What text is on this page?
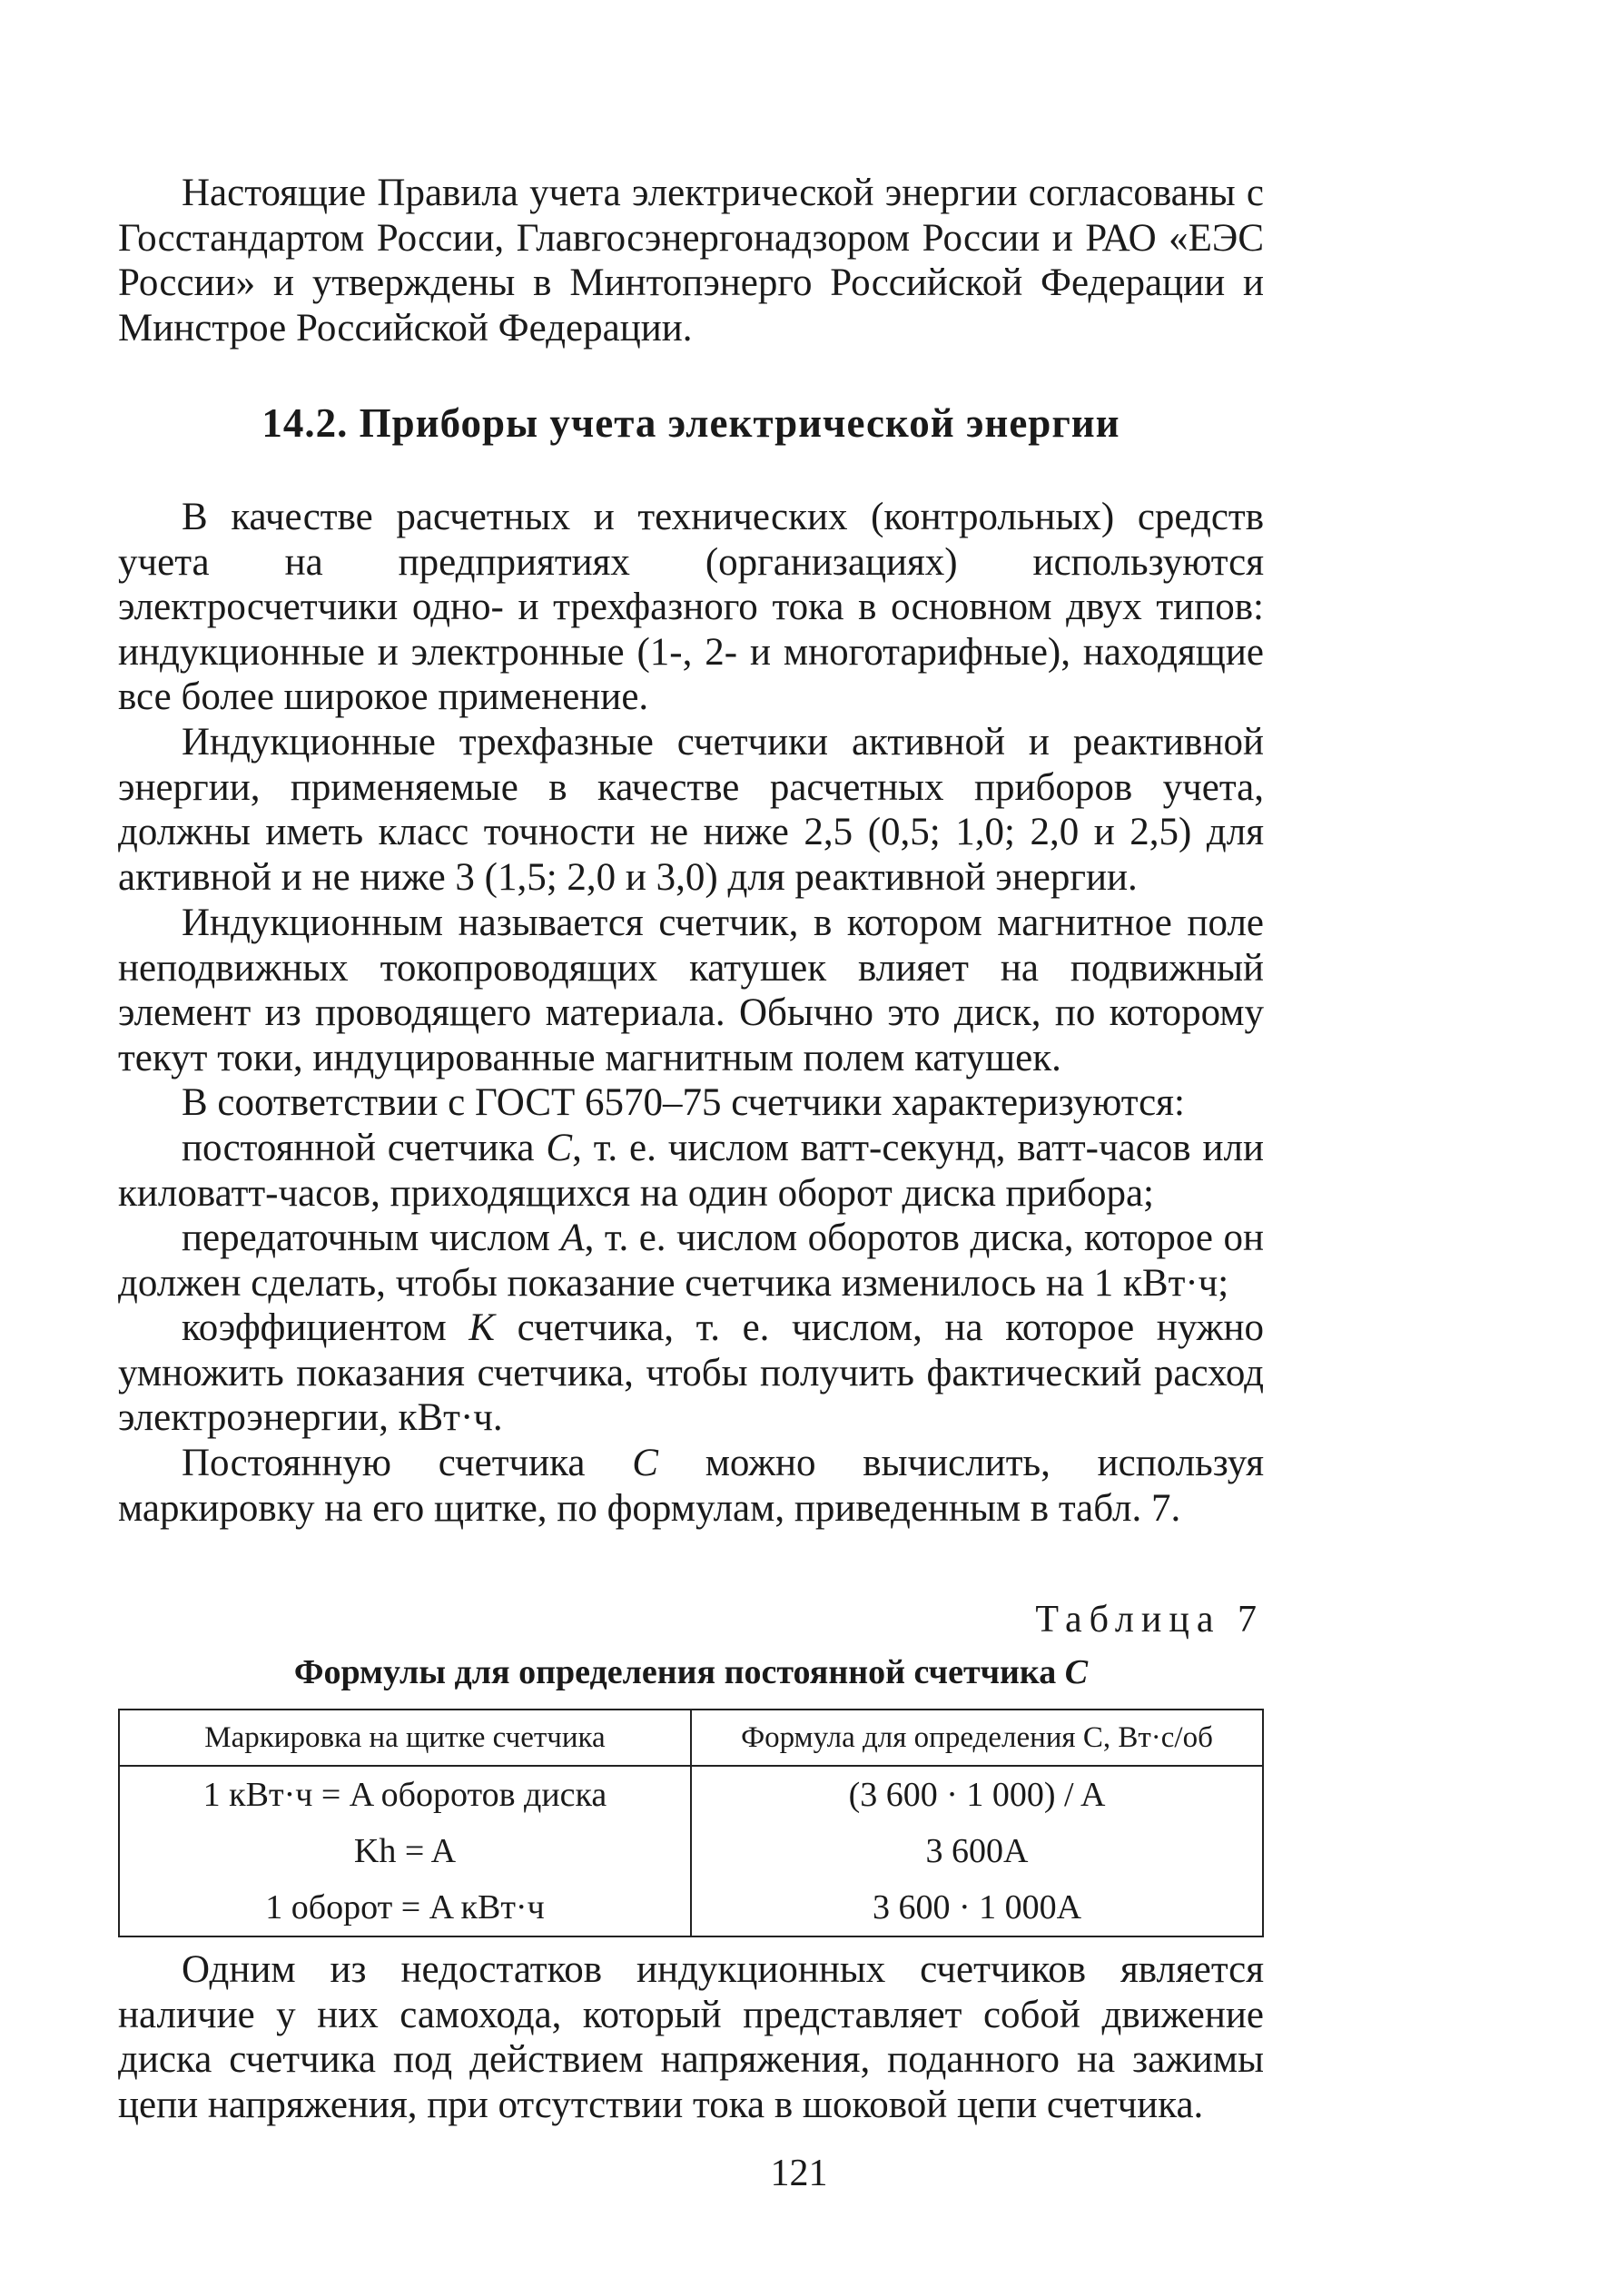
Настоящие Правила учета электрической энергии согласованы с Госстандартом России, Главгосэнергонадзором России и РАО «ЕЭС России» и утверждены в Минтопэнерго Российской Федерации и Минстрое Российской Федерации.

14.2. Приборы учета электрической энергии

В качестве расчетных и технических (контрольных) средств учета на предприятиях (организациях) используются электросчетчики одно- и трехфазного тока в основном двух типов: индукционные и электронные (1-, 2- и многотарифные), находящие все более широкое применение.

Индукционные трехфазные счетчики активной и реактивной энергии, применяемые в качестве расчетных приборов учета, должны иметь класс точности не ниже 2,5 (0,5; 1,0; 2,0 и 2,5) для активной и не ниже 3 (1,5; 2,0 и 3,0) для реактивной энергии.

Индукционным называется счетчик, в котором магнитное поле неподвижных токопроводящих катушек влияет на подвижный элемент из проводящего материала. Обычно это диск, по которому текут токи, индуцированные магнитным полем катушек.

В соответствии с ГОСТ 6570–75 счетчики характеризуются:

постоянной счетчика C, т. е. числом ватт-секунд, ватт-часов или киловатт-часов, приходящихся на один оборот диска прибора;

передаточным числом A, т. е. числом оборотов диска, которое он должен сделать, чтобы показание счетчика изменилось на 1 кВт·ч;

коэффициентом K счетчика, т. е. числом, на которое нужно умножить показания счетчика, чтобы получить фактический расход электроэнергии, кВт·ч.

Постоянную счетчика C можно вычислить, используя маркировку на его щитке, по формулам, приведенным в табл. 7.

Таблица 7

Формулы для определения постоянной счетчика C

Маркировка на щитке счетчика	Формула для определения C, Вт·с/об
1 кВт·ч = A оборотов диска	(3 600 · 1 000) / A
Kh = A	3 600A
1 оборот = A кВт·ч	3 600 · 1 000A

Одним из недостатков индукционных счетчиков является наличие у них самохода, который представляет собой движение диска счетчика под действием напряжения, поданного на зажимы цепи напряжения, при отсутствии тока в шоковой цепи счетчика.

121
